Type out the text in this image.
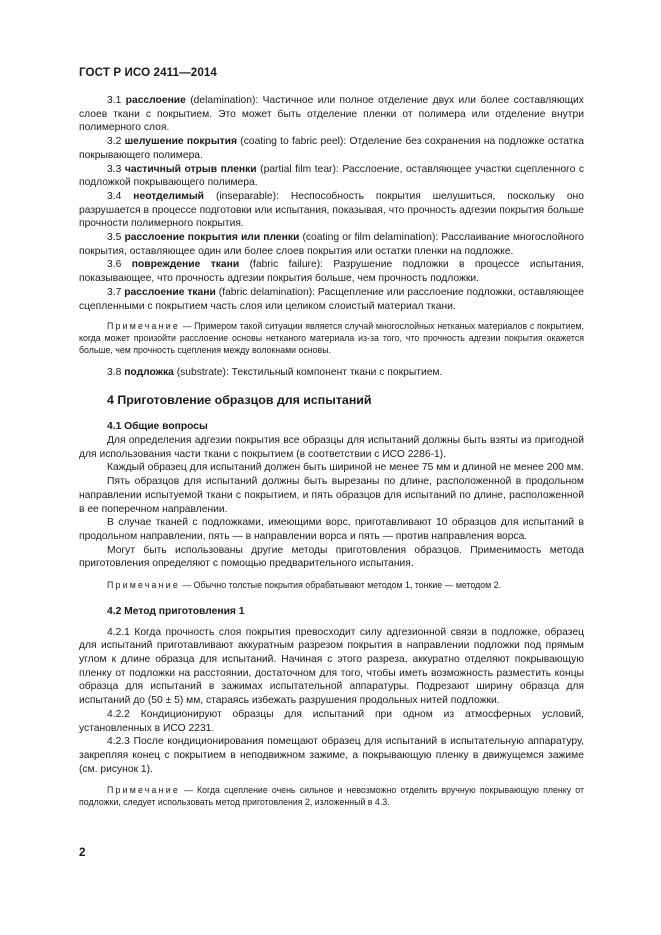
ГОСТ Р ИСО 2411—2014

3.1 расслоение (delamination): Частичное или полное отделение двух или более составляющих слоев ткани с покрытием. Это может быть отделение пленки от полимера или отделение внутри полимерного слоя.

3.2 шелушение покрытия (coating to fabric peel): Отделение без сохранения на подложке остатка покрывающего полимера.

3.3 частичный отрыв пленки (partial film tear): Расслоение, оставляющее участки сцепленного с подложкой покрывающего полимера.

3.4 неотделимый (inseparable): Неспособность покрытия шелушиться, поскольку оно разрушается в процессе подготовки или испытания, показывая, что прочность адгезии покрытия больше прочности полимерного покрытия.

3.5 расслоение покрытия или пленки (coating or film delamination): Расслаивание многослойного покрытия, оставляющее один или более слоев покрытия или остатки пленки на подложке.

3.6 повреждение ткани (fabric failure): Разрушение подложки в процессе испытания, показывающее, что прочность адгезии покрытия больше, чем прочность подложки.

3.7 расслоение ткани (fabric delamination): Расщепление или расслоение подложки, оставляющее сцепленными с покрытием часть слоя или целиком слоистый материал ткани.

Примечание — Примером такой ситуации является случай многослойных нетканых материалов с покрытием, когда может произойти расслоение основы нетканого материала из-за того, что прочность адгезии покрытия окажется больше, чем прочность сцепления между волокнами основы.

3.8 подложка (substrate): Текстильный компонент ткани с покрытием.

4 Приготовление образцов для испытаний

4.1 Общие вопросы

Для определения адгезии покрытия все образцы для испытаний должны быть взяты из пригодной для использования части ткани с покрытием (в соответствии с ИСО 2286-1).

Каждый образец для испытаний должен быть шириной не менее 75 мм и длиной не менее 200 мм.

Пять образцов для испытаний должны быть вырезаны по длине, расположенной в продольном направлении испытуемой ткани с покрытием, и пять образцов для испытаний по длине, расположенной в ее поперечном направлении.

В случае тканей с подложками, имеющими ворс, приготавливают 10 образцов для испытаний в продольном направлении, пять — в направлении ворса и пять — против направления ворса.

Могут быть использованы другие методы приготовления образцов. Применимость метода приготовления определяют с помощью предварительного испытания.

Примечание — Обычно толстые покрытия обрабатывают методом 1, тонкие — методом 2.

4.2 Метод приготовления 1

4.2.1 Когда прочность слоя покрытия превосходит силу адгезионной связи в подложке, образец для испытаний приготавливают аккуратным разрезом покрытия в направлении подложки под прямым углом к длине образца для испытаний. Начиная с этого разреза, аккуратно отделяют покрывающую пленку от подложки на расстоянии, достаточном для того, чтобы иметь возможность разместить концы образца для испытаний в зажимах испытательной аппаратуры. Подрезают ширину образца для испытаний до (50 ± 5) мм, стараясь избежать разрушения продольных нитей подложки.

4.2.2 Кондиционируют образцы для испытаний при одном из атмосферных условий, установленных в ИСО 2231.

4.2.3 После кондиционирования помещают образец для испытаний в испытательную аппаратуру, закрепляя конец с покрытием в неподвижном зажиме, а покрывающую пленку в движущемся зажиме (см. рисунок 1).

Примечание — Когда сцепление очень сильное и невозможно отделить вручную покрывающую пленку от подложки, следует использовать метод приготовления 2, изложенный в 4.3.

2
